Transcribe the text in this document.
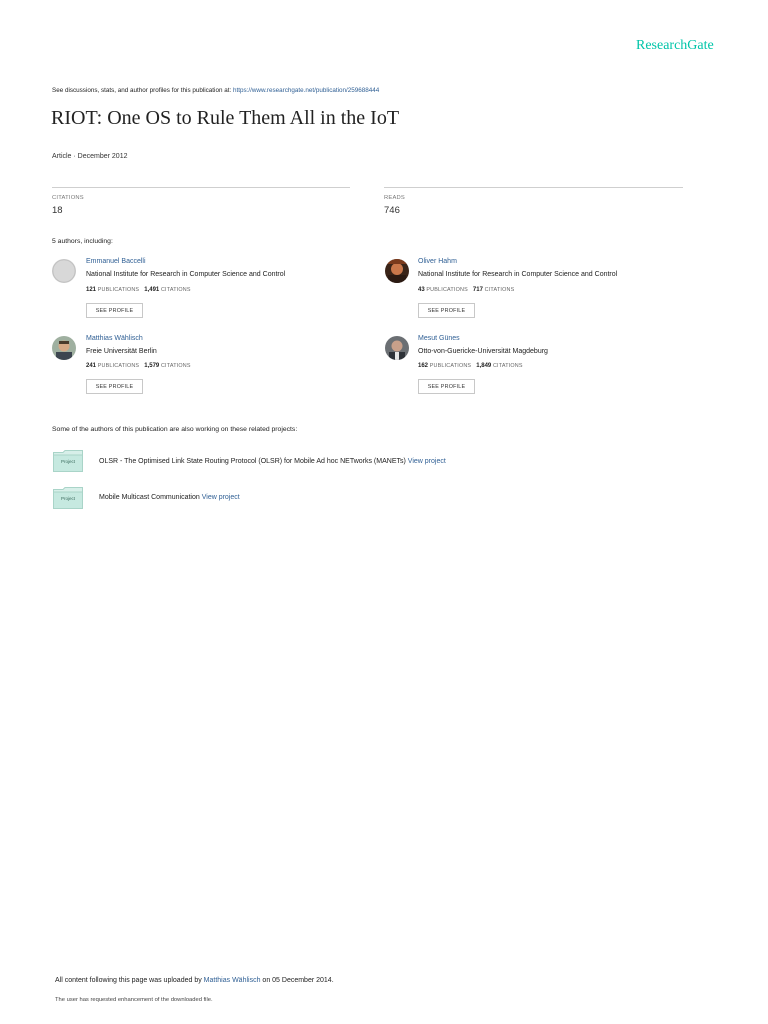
ResearchGate
See discussions, stats, and author profiles for this publication at: https://www.researchgate.net/publication/259688444
RIOT: One OS to Rule Them All in the IoT
Article · December 2012
CITATIONS
18
READS
746
5 authors, including:
Emmanuel Baccelli
National Institute for Research in Computer Science and Control
121 PUBLICATIONS 1,491 CITATIONS
SEE PROFILE
Oliver Hahm
National Institute for Research in Computer Science and Control
43 PUBLICATIONS 717 CITATIONS
SEE PROFILE
Matthias Wählisch
Freie Universität Berlin
241 PUBLICATIONS 1,579 CITATIONS
SEE PROFILE
Mesut Günes
Otto-von-Guericke-Universität Magdeburg
162 PUBLICATIONS 1,849 CITATIONS
SEE PROFILE
Some of the authors of this publication are also working on these related projects:
Project	OLSR - The Optimised Link State Routing Protocol (OLSR) for Mobile Ad hoc NETworks (MANETs) View project
Project	Mobile Multicast Communication View project
All content following this page was uploaded by Matthias Wählisch on 05 December 2014.
The user has requested enhancement of the downloaded file.
